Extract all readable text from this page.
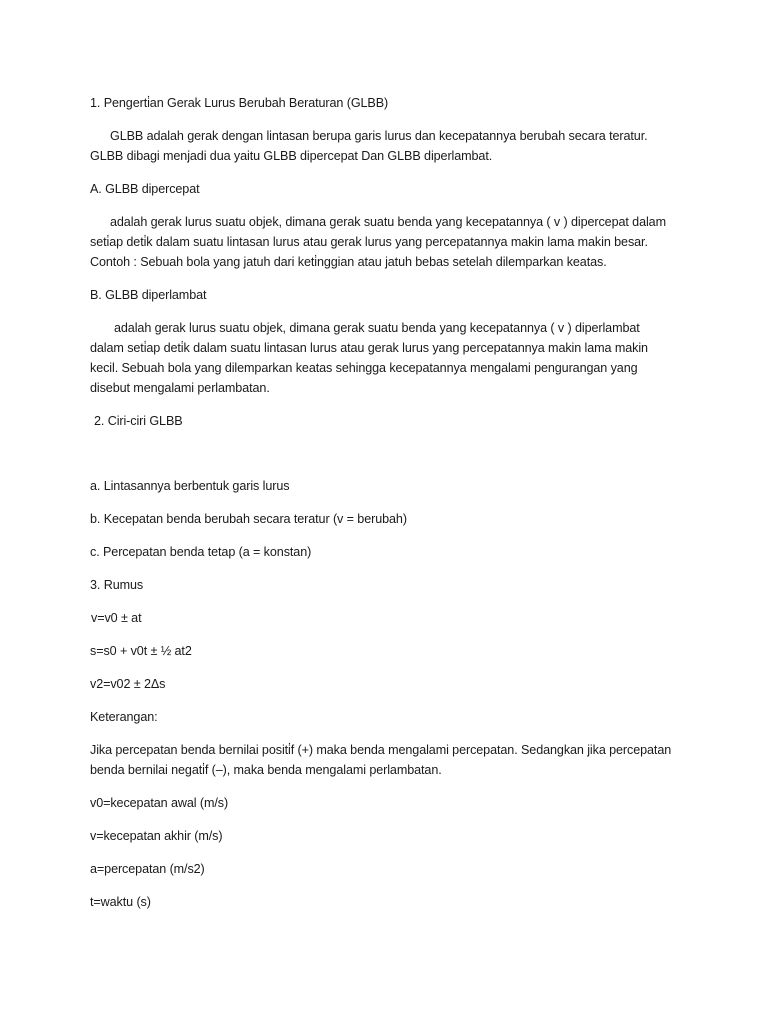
1. Pengerti̇an Gerak Lurus Berubah Beraturan (GLBB)

GLBB adalah gerak dengan lintasan berupa garis lurus dan kecepatannya berubah secara teratur.

GLBB dibagi menjadi dua yaitu GLBB dipercepat Dan GLBB diperlambat.

A. GLBB dipercepat

adalah gerak lurus suatu objek, dimana gerak suatu benda yang kecepatannya ( v ) dipercepat dalam

seti̇ap deti̇k dalam suatu lintasan lurus atau gerak lurus yang percepatannya makin lama makin besar.

Contoh : Sebuah bola yang jatuh dari keti̇nggian atau jatuh bebas setelah dilemparkan keatas.

B. GLBB diperlambat

adalah gerak lurus suatu objek, dimana gerak suatu benda yang kecepatannya ( v ) diperlambat

dalam seti̇ap deti̇k dalam suatu lintasan lurus atau gerak lurus yang percepatannya makin lama makin

kecil. Sebuah bola yang dilemparkan keatas sehingga kecepatannya mengalami pengurangan yang

disebut mengalami perlambatan.

2. Ciri-ciri GLBB

a. Lintasannya berbentuk garis lurus

b. Kecepatan benda berubah secara teratur (v = berubah)

c. Percepatan benda tetap (a = konstan)

3. Rumus

v=v0 ± at

s=s0 + v0t ± ½ at2

v2=v02 ± 2Δs

Keterangan:

Jika percepatan benda bernilai positi̇f (+) maka benda mengalami percepatan. Sedangkan jika percepatan

benda bernilai negati̇f (–), maka benda mengalami perlambatan.

v0=kecepatan awal (m/s)

v=kecepatan akhir (m/s)

a=percepatan (m/s2)

t=waktu (s)
